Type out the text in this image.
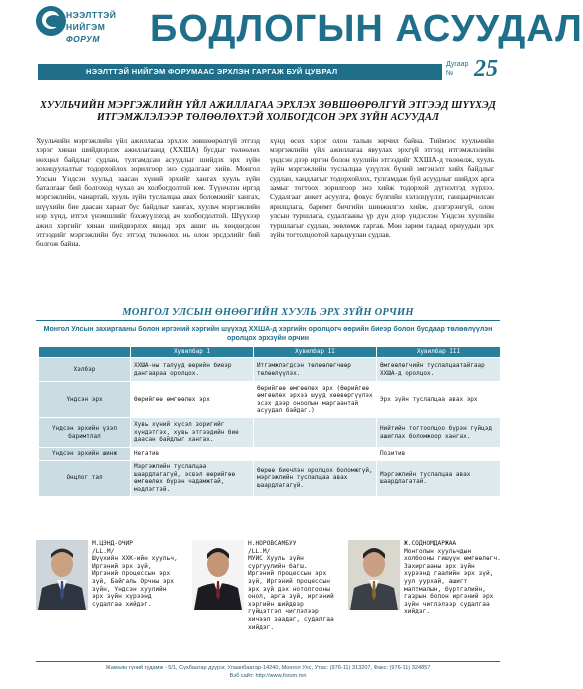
НЭЭЛТТЭЙ
НИЙГЭМ
ФОРУМ БОДЛОГЫН АСУУДАЛ
НЭЭЛТТЭЙ НИЙГЭМ ФОРУМААС ЭРХЛЭН ГАРГАЖ БУЙ ЦУВРАЛ
Дугаар
№ 25
ХУУЛЬЧИЙН МЭРГЭЖЛИЙН ҮЙЛ АЖИЛЛАГАА ЭРХЛЭХ ЗӨВШӨӨРӨЛГҮЙ ЭТГЭЭД ШҮҮХЭД ИТГЭМЖЛЭЛЭЭР ТӨЛӨӨЛӨХТЭЙ ХОЛБОГДСОН ЭРХ ЗҮЙН АСУУДАЛ
Хуульчийн мэргэжлийн үйл ажиллагаа эрхлэх зөвшөөрөлгүй этгээд хэрэг хянан шийдвэрлэх ажиллагаанд (ХХША) бусдыг төлөөлөх нөхцөл байдлыг судлан, тулгамдсан асуудлыг шийдэх эрх зүйн зохицуулалтыг тодорхойлох зорилгоор энэ судалгааг хийв. Монгол Улсын Үндсэн хуульд заасан хүний эрхийг хангах хууль зүйн баталгааг бий болгоход чухал ач холбогдолтой юм. Түүнчлэн иргэд мэргэжлийн, чанартай, хууль зүйн туслалцаа авах боломжийг хангах, шүүхийн бие даасан хараат бус байдлыг хангах, хуульч мэргэжлийн нэр хүнд, итгэл үнэмшлийг бэхжүүлэхэд ач холбогдолтой. Шүүхээр ажил хэргийг хянан шийдвэрлэх явцад эрх ашиг нь хөндөгдсөн этгээдийг мэргэжлийн бус этгээд төлөөлөх нь олон эрсдэлийг бий болгож байна.
хүнд өсөх хэрэг олон талын зөрчил байна. Тиймээс хуульчийн мэргэжлийн үйл ажиллагаа явуулах эрхгүй этгээд итгэмжлэлийн үндсэн дээр иргэн болон хуулийн этгээдийг ХХША-д төлөөлж, хууль зүйн мэргэжлийн туслалцаа үзүүлэх бүхий эмгэнэлт хийх байдлыг судлан, хандлагыг тодорхойлох, тулгамдаж буй асуудлыг шийдэх арга замыг тогтоох зорилгоор энэ хийж тодорхой дүгнэлтэд хүрлээ. Судалгааг анкет асуулга, фокус бүлгийн хэлэлцүүлэг, ганцаарчилсан ярилцлага, баримт бичгийн шинжилгээ хийж, дэлгэрэнгүй, олон улсын туршлага, судалгааны үр дүн дээр үндэслэн Үндсэн хуулийн туршлагыг судлан, зөвлөмж гаргав. Мөн зарим гадаад орнуудын эрх зүйн тогтолцоотой харьцуулан судлав.
МОНГОЛ УЛСЫН ӨНӨӨГИЙН ХУУЛЬ ЭРХ ЗҮЙН ОРЧИН
Монгол Улсын захиргааны болон иргэний хэргийн шүүхэд ХХША-д хэргийн оролцогч өөрийн биеэр болон бусдаар төлөөлүүлэн оролцох эрхзүйн орчин
	Хувилбар I	Хувилбар II	Хувилбар III
Хэлбэр	ХХША-ны талууд өөрийн биеэр дангаараа оролцох.	Итгэмжлэгдсэн төлөөлөгчөөр төлөөлүүлэх.	Өмгөөлөгчийн туслалцаатайгаар ХХША-д оролцох.
Үндсэн эрх	Өөрийгөө өмгөөлөх эрх	Өөрийгөө өмгөөлөх эрх (Өөрийгөө өмгөөлөх эрхээ шууд хөөвөргүүлэх эсэх дээр оноолын маргаантай асуудал байдаг.)	Эрх зүйн туслалцаа авах эрх
Үндсэн эрхийн үзэл баримтлал	Хувь хүний хүсэл зоригийг хүндэтгэх, хувь этгээдийн бие даасан байдлыг хангах.		Нийтийн тогтоолцоо бүрэн гүйцэд ашиглах боломжоор хангах.
Үндсэн эрхийн шинж	Негатив		Позитив
Онцлог тал	Мэргэжлийн туслалцаа шаардлагагүй, эсвэл өөрийгөө өмгөөлөх бүрэн чадамжтай, мэдлэгтэй.	Өөрөө биечлэн оролцох боломжгүй, мэргэжлийн туслалцаа авах шаардлагагүй.	Мэргэжлийн туслалцаа авах шаардлагатай.
М.ЦЭНД-ОЧИР
/LL.M/
Шүүхийн ХХК-ийн хуульч, Иргэний эрх зүй, Иргэний процессын эрх зүй, Байгаль Орчны эрх зүйн, Үндсэн хуулийн эрх зүйн хүрээнд судалгаа хийдэг.
Н.НОРОВСАМБУУ
/LL.M/
МУИС Хууль зүйн сургуулийн багш. Иргэний процессын эрх зүй, Иргэний процессын эрх зүй дэх нотолгооны онол, арга зүй, иргэний хэргийн шийдвэр гүйцэтгэл чиглэлээр хичээл заадаг, судалгаа хийдэг.
Ж.СОДНОМДАРЖАА
Монголын хуульчдын холбооны гишүүн өмгөөлөгч. Захиргааны эрх зүйн хүрээнд гаалийн эрх зүй, уул уурхай, ашигт малтмалын, бүртгэлийн, газрын болон иргэний эрх зүйн чиглэлээр судалгаа хийдэг.
Жамъян гүний гудамж - 5/1, Сүхбаатар дүүрэг, Улаанбаатар-14240, Монгол Улс, Утас: (976-11) 313207, Факс: (976-11) 324857
Вэб сайт: http://www.forum.mn
